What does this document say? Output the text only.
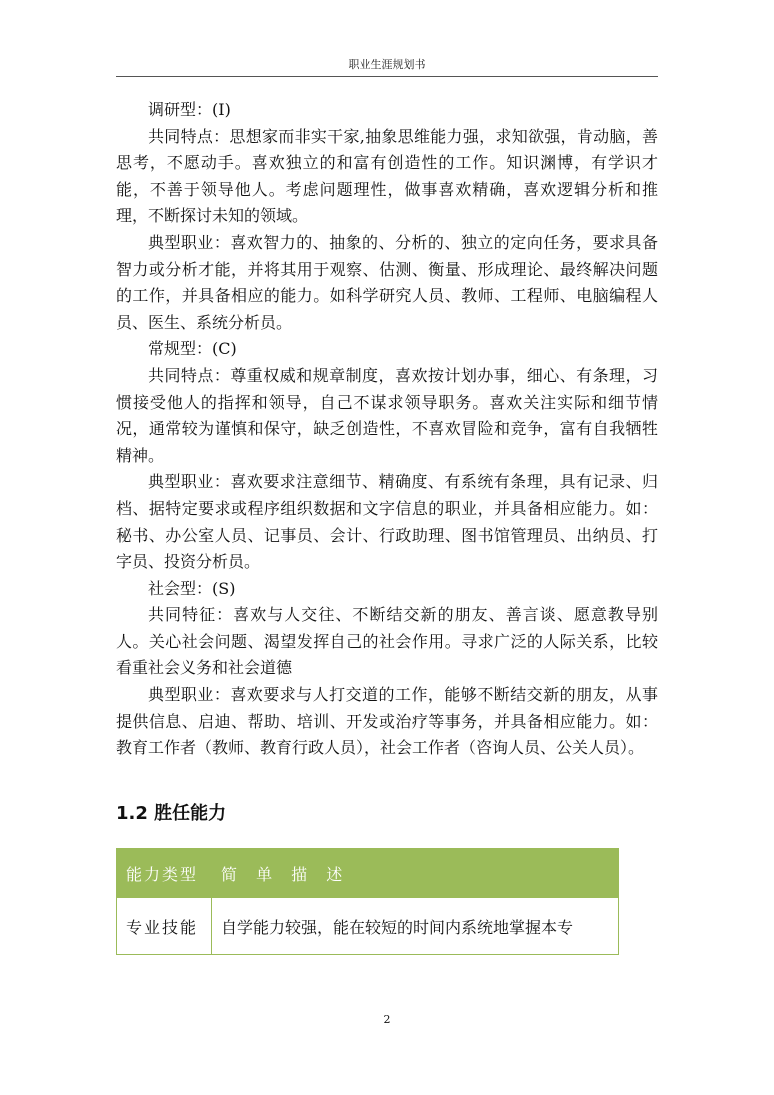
职业生涯规划书

调研型：(I)

共同特点：思想家而非实干家,抽象思维能力强，求知欲强，肯动脑，善思考，不愿动手。喜欢独立的和富有创造性的工作。知识渊博，有学识才能，不善于领导他人。考虑问题理性，做事喜欢精确，喜欢逻辑分析和推理，不断探讨未知的领域。

典型职业：喜欢智力的、抽象的、分析的、独立的定向任务，要求具备智力或分析才能，并将其用于观察、估测、衡量、形成理论、最终解决问题的工作，并具备相应的能力。如科学研究人员、教师、工程师、电脑编程人员、医生、系统分析员。

常规型：(C)

共同特点：尊重权威和规章制度，喜欢按计划办事，细心、有条理，习惯接受他人的指挥和领导，自己不谋求领导职务。喜欢关注实际和细节情况，通常较为谨慎和保守，缺乏创造性，不喜欢冒险和竞争，富有自我牺牲精神。

典型职业：喜欢要求注意细节、精确度、有系统有条理，具有记录、归档、据特定要求或程序组织数据和文字信息的职业，并具备相应能力。如：秘书、办公室人员、记事员、会计、行政助理、图书馆管理员、出纳员、打字员、投资分析员。

社会型：(S)

共同特征：喜欢与人交往、不断结交新的朋友、善言谈、愿意教导别人。关心社会问题、渴望发挥自己的社会作用。寻求广泛的人际关系，比较看重社会义务和社会道德

典型职业：喜欢要求与人打交道的工作，能够不断结交新的朋友，从事提供信息、启迪、帮助、培训、开发或治疗等事务，并具备相应能力。如：教育工作者（教师、教育行政人员），社会工作者（咨询人员、公关人员）。

1.2 胜任能力
能力类型	简 单 描 述
专业技能	自学能力较强，能在较短的时间内系统地掌握本专
2
